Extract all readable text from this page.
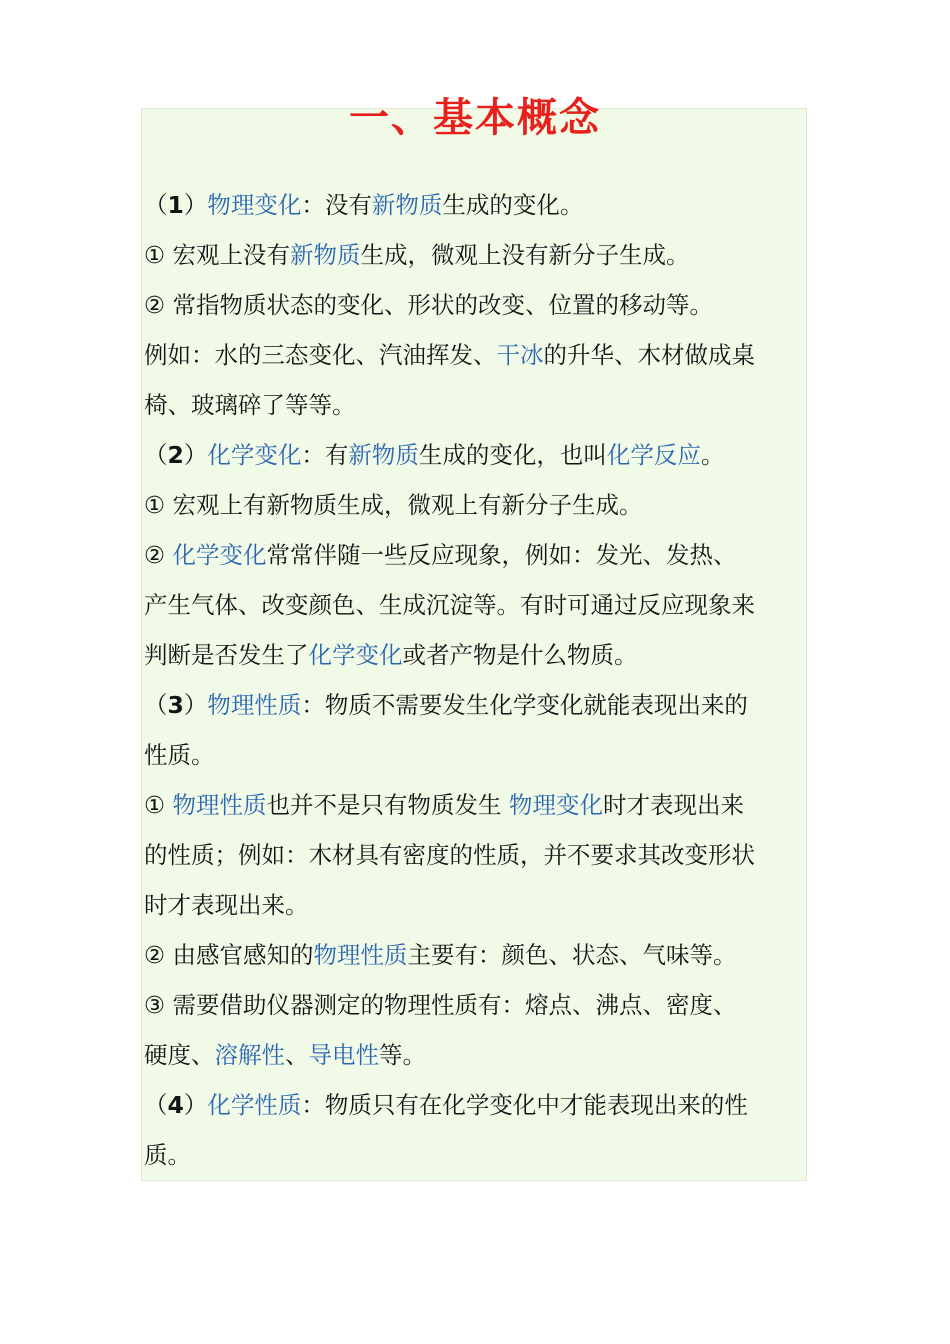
一、基本概念
（1）物理变化：没有新物质生成的变化。
① 宏观上没有新物质生成，微观上没有新分子生成。
② 常指物质状态的变化、形状的改变、位置的移动等。
例如：水的三态变化、汽油挥发、干冰的升华、木材做成桌
椅、玻璃碎了等等。
（2）化学变化：有新物质生成的变化，也叫化学反应。
① 宏观上有新物质生成，微观上有新分子生成。
② 化学变化常常伴随一些反应现象，例如：发光、发热、
产生气体、改变颜色、生成沉淀等。有时可通过反应现象来
判断是否发生了化学变化或者产物是什么物质。
（3）物理性质：物质不需要发生化学变化就能表现出来的
性质。
① 物理性质也并不是只有物质发生 物理变化时才表现出来
的性质；例如：木材具有密度的性质，并不要求其改变形状
时才表现出来。
② 由感官感知的物理性质主要有：颜色、状态、气味等。
③ 需要借助仪器测定的物理性质有：熔点、沸点、密度、
硬度、溶解性、导电性等。
（4）化学性质：物质只有在化学变化中才能表现出来的性
质。
